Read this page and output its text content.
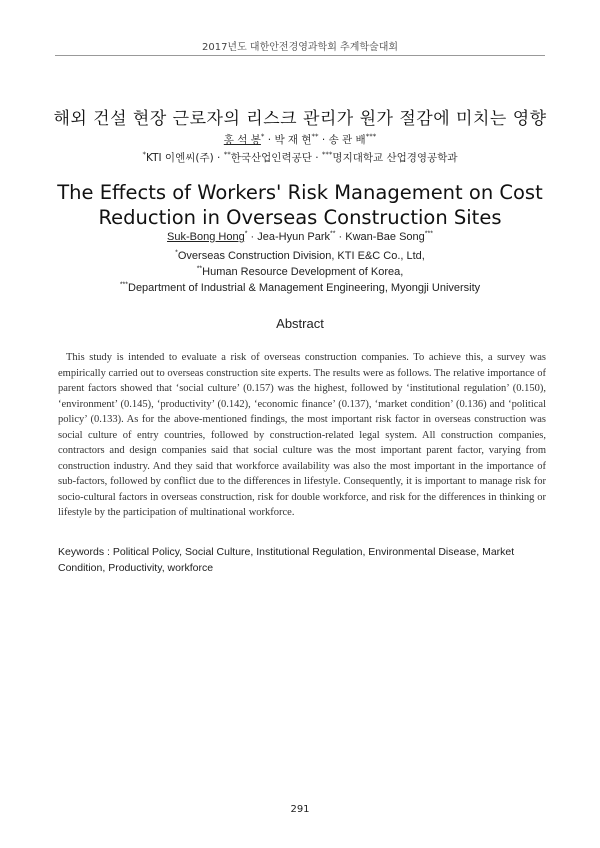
2017년도 대한안전경영과학회 추계학술대회
해외 건설 현장 근로자의 리스크 관리가 원가 절감에 미치는 영향
홍 석 봉* · 박 재 현** · 송 관 배***
*KTI 이엔씨(주) · **한국산업인력공단 · ***명지대학교 산업경영공학과
The Effects of Workers' Risk Management on Cost Reduction in Overseas Construction Sites
Suk-Bong Hong* · Jea-Hyun Park** · Kwan-Bae Song***
*Overseas Construction Division, KTI E&C Co., Ltd,
**Human Resource Development of Korea,
***Department of Industrial & Management Engineering, Myongji University
Abstract

This study is intended to evaluate a risk of overseas construction companies. To achieve this, a survey was empirically carried out to overseas construction site experts. The results were as follows. The relative importance of parent factors showed that ‘social culture’ (0.157) was the highest, followed by ‘institutional regulation’ (0.150), ‘environment’ (0.145), ‘productivity’ (0.142), ‘economic finance’ (0.137), ‘market condition’ (0.136) and ‘political policy’ (0.133). As for the above-mentioned findings, the most important risk factor in overseas construction was social culture of entry countries, followed by construction-related legal system. All construction companies, contractors and design companies said that social culture was the most important parent factor, varying from construction industry. And they said that workforce availability was also the most important in the importance of sub-factors, followed by conflict due to the differences in lifestyle. Consequently, it is important to manage risk for socio-cultural factors in overseas construction, risk for double workforce, and risk for the differences in thinking or lifestyle by the participation of multinational workforce.

Keywords : Political Policy, Social Culture, Institutional Regulation, Environmental Disease, Market Condition, Productivity, workforce
291
